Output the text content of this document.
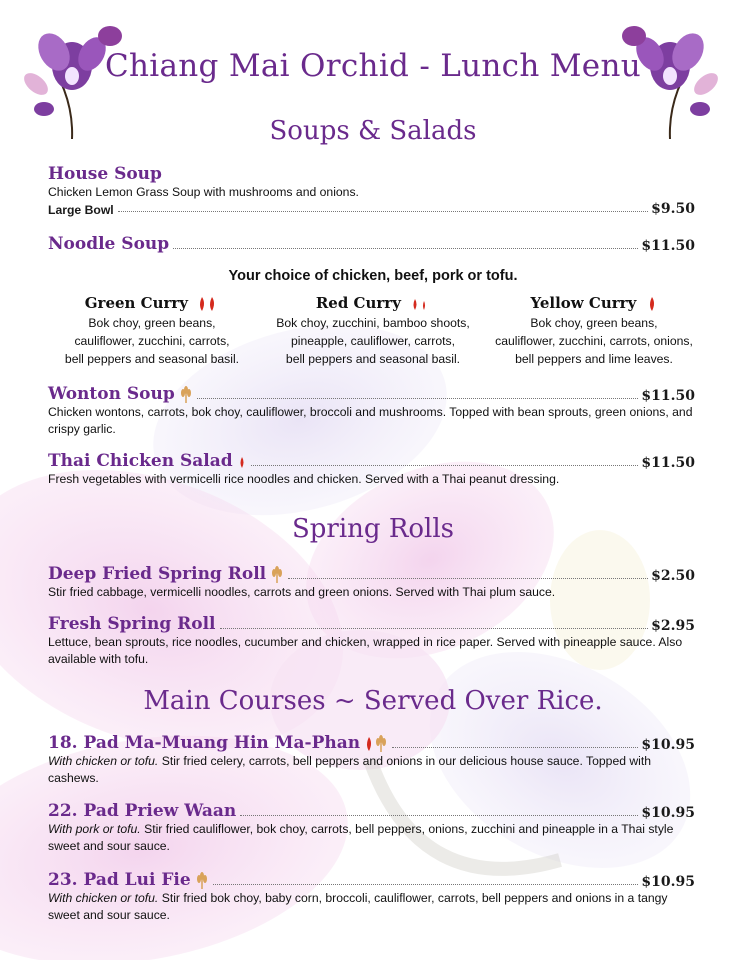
Chiang Mai Orchid - Lunch Menu
Soups & Salads
House Soup
Chicken Lemon Grass Soup with mushrooms and onions.
Large Bowl	$9.50
Noodle Soup	$11.50
Your choice of chicken, beef, pork or tofu.
Green Curry
Bok choy, green beans,
cauliflower, zucchini, carrots,
bell peppers and seasonal basil.
Red Curry
Bok choy, zucchini, bamboo shoots,
pineapple, cauliflower, carrots,
bell peppers and seasonal basil.
Yellow Curry
Bok choy, green beans,
cauliflower, zucchini, carrots, onions,
bell peppers and lime leaves.
Wonton Soup	$11.50
Chicken wontons, carrots, bok choy, cauliflower, broccoli and mushrooms. Topped with bean sprouts, green onions, and crispy garlic.
Thai Chicken Salad	$11.50
Fresh vegetables with vermicelli rice noodles and chicken. Served with a Thai peanut dressing.
Spring Rolls
Deep Fried Spring Roll	$2.50
Stir fried cabbage, vermicelli noodles, carrots and green onions. Served with Thai plum sauce.
Fresh Spring Roll	$2.95
Lettuce, bean sprouts, rice noodles, cucumber and chicken, wrapped in rice paper. Served with pineapple sauce. Also available with tofu.
Main Courses ~ Served Over Rice.
18. Pad Ma-Muang Hin Ma-Phan	$10.95
With chicken or tofu. Stir fried celery, carrots, bell peppers and onions in our delicious house sauce. Topped with cashews.
22. Pad Priew Waan	$10.95
With pork or tofu. Stir fried cauliflower, bok choy, carrots, bell peppers, onions, zucchini and pineapple in a Thai style sweet and sour sauce.
23. Pad Lui Fie	$10.95
With chicken or tofu. Stir fried bok choy, baby corn, broccoli, cauliflower, carrots, bell peppers and onions in a tangy sweet and sour sauce.
